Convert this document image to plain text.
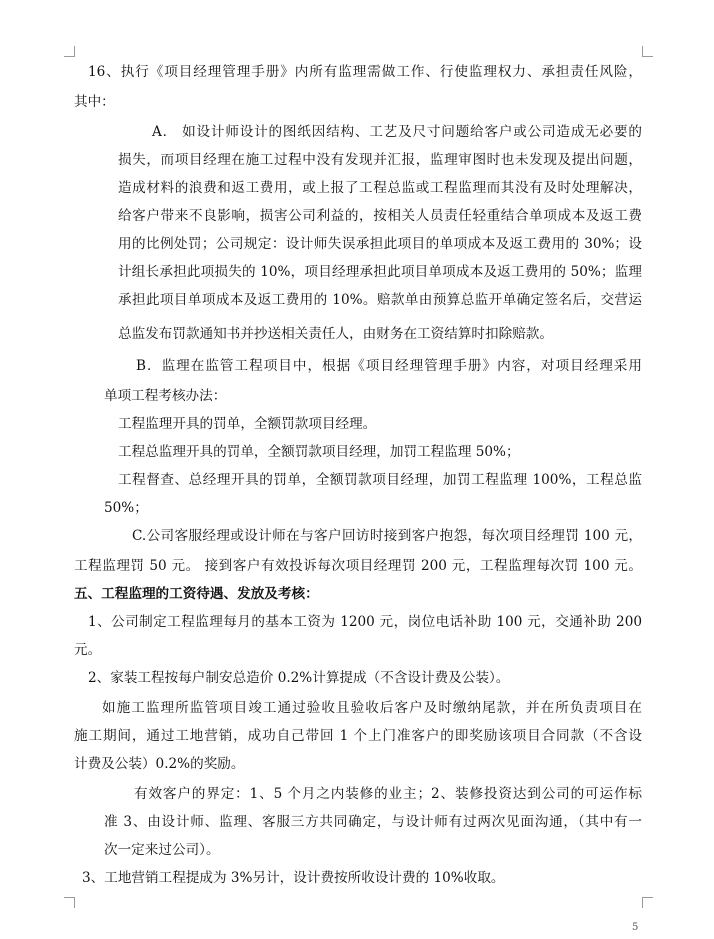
16、执行《项目经理管理手册》内所有监理需做工作、行使监理权力、承担责任风险，
其中：
A． 如设计师设计的图纸因结构、工艺及尺寸问题给客户或公司造成无必要的
损失，而项目经理在施工过程中没有发现并汇报，监理审图时也未发现及提出问题，
造成材料的浪费和返工费用，或上报了工程总监或工程监理而其没有及时处理解决，
给客户带来不良影响，损害公司利益的，按相关人员责任轻重结合单项成本及返工费
用的比例处罚；公司规定：设计师失误承担此项目的单项成本及返工费用的 30%；设
计组长承担此项损失的 10%，项目经理承担此项目单项成本及返工费用的 50%；监理
承担此项目单项成本及返工费用的 10%。赔款单由预算总监开单确定签名后，交营运
总监发布罚款通知书并抄送相关责任人，由财务在工资结算时扣除赔款。
B．监理在监管工程项目中，根据《项目经理管理手册》内容，对项目经理采用
单项工程考核办法：
工程监理开具的罚单，全额罚款项目经理。
工程总监理开具的罚单，全额罚款项目经理，加罚工程监理 50%；
工程督查、总经理开具的罚单，全额罚款项目经理，加罚工程监理 100%，工程总监
50%；
C.公司客服经理或设计师在与客户回访时接到客户抱怨，每次项目经理罚 100 元，
工程监理罚 50 元。 接到客户有效投诉每次项目经理罚 200 元，工程监理每次罚 100 元。
五、工程监理的工资待遇、发放及考核：
1、公司制定工程监理每月的基本工资为 1200 元，岗位电话补助 100 元，交通补助 200
元。
2、家装工程按每户制安总造价 0.2%计算提成（不含设计费及公装）。
如施工监理所监管项目竣工通过验收且验收后客户及时缴纳尾款，并在所负责项目在
施工期间，通过工地营销，成功自己带回 1 个上门准客户的即奖励该项目合同款（不含设
计费及公装）0.2%的奖励。
有效客户的界定：1、5 个月之内装修的业主；2、装修投资达到公司的可运作标
准 3、由设计师、监理、客服三方共同确定，与设计师有过两次见面沟通，（其中有一
次一定来过公司）。
3、工地营销工程提成为 3%另计，设计费按所收设计费的 10%收取。
5
